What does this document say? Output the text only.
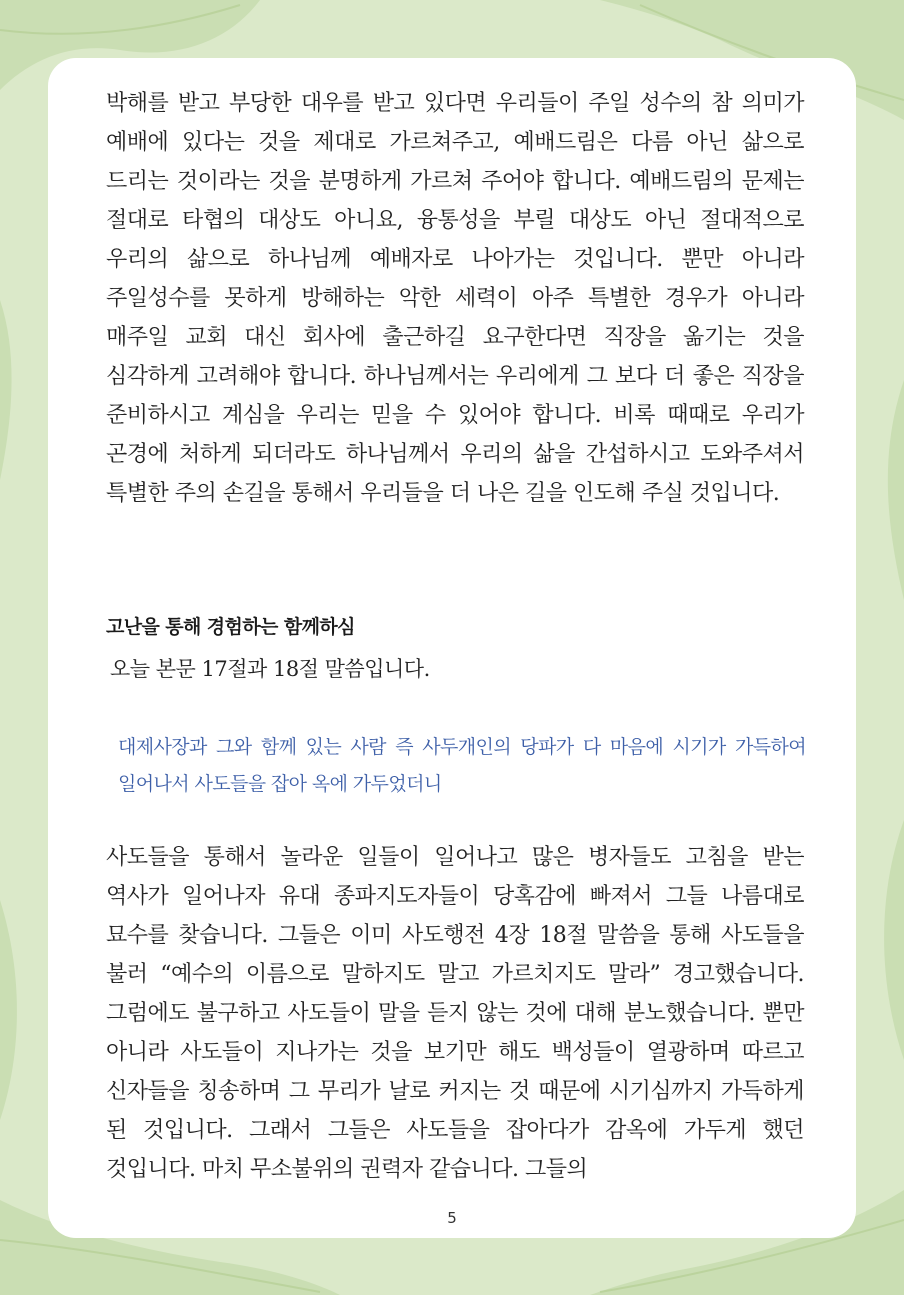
박해를 받고 부당한 대우를 받고 있다면 우리들이 주일 성수의 참 의미가 예배에 있다는 것을 제대로 가르쳐주고, 예배드림은 다름 아닌 삶으로 드리는 것이라는 것을 분명하게 가르쳐 주어야 합니다. 예배드림의 문제는 절대로 타협의 대상도 아니요, 융통성을 부릴 대상도 아닌 절대적으로 우리의 삶으로 하나님께 예배자로 나아가는 것입니다. 뿐만 아니라 주일성수를 못하게 방해하는 악한 세력이 아주 특별한 경우가 아니라 매주일 교회 대신 회사에 출근하길 요구한다면 직장을 옮기는 것을 심각하게 고려해야 합니다. 하나님께서는 우리에게 그 보다 더 좋은 직장을 준비하시고 계심을 우리는 믿을 수 있어야 합니다. 비록 때때로 우리가 곤경에 처하게 되더라도 하나님께서 우리의 삶을 간섭하시고 도와주셔서 특별한 주의 손길을 통해서 우리들을 더 나은 길을 인도해 주실 것입니다.

고난을 통해 경험하는 함께하심

오늘 본문 17절과 18절 말씀입니다.

대제사장과 그와 함께 있는 사람 즉 사두개인의 당파가 다 마음에 시기가 가득하여 일어나서 사도들을 잡아 옥에 가두었더니

사도들을 통해서 놀라운 일들이 일어나고 많은 병자들도 고침을 받는 역사가 일어나자 유대 종파지도자들이 당혹감에 빠져서 그들 나름대로 묘수를 찾습니다. 그들은 이미 사도행전 4장 18절 말씀을 통해 사도들을 불러 “예수의 이름으로 말하지도 말고 가르치지도 말라” 경고했습니다. 그럼에도 불구하고 사도들이 말을 듣지 않는 것에 대해 분노했습니다. 뿐만 아니라 사도들이 지나가는 것을 보기만 해도 백성들이 열광하며 따르고 신자들을 칭송하며 그 무리가 날로 커지는 것 때문에 시기심까지 가득하게 된 것입니다. 그래서 그들은 사도들을 잡아다가 감옥에 가두게 했던 것입니다. 마치 무소불위의 권력자 같습니다. 그들의

5
